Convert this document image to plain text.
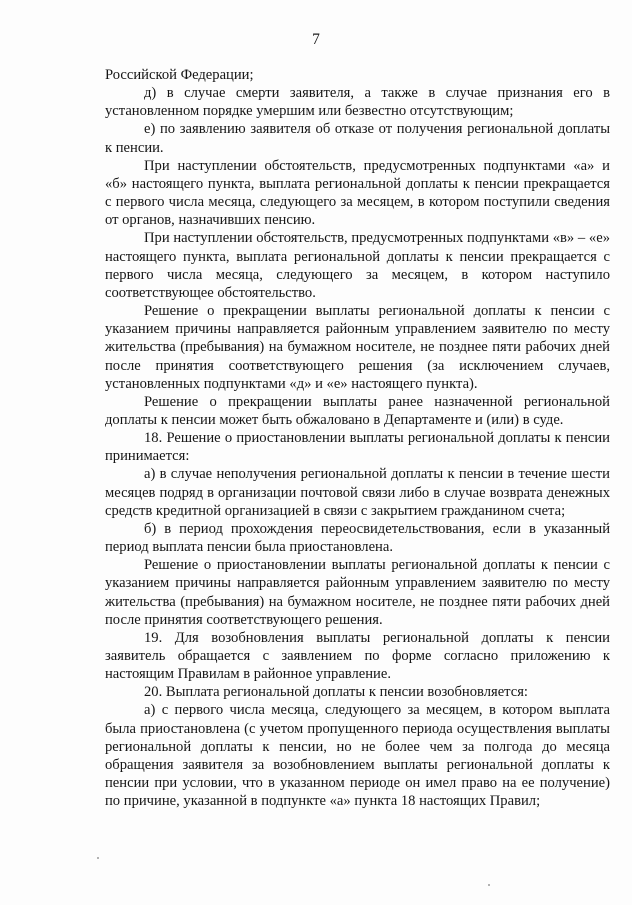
7

Российской Федерации;

д) в случае смерти заявителя, а также в случае признания его в установленном порядке умершим или безвестно отсутствующим;

е) по заявлению заявителя об отказе от получения региональной доплаты к пенсии.

При наступлении обстоятельств, предусмотренных подпунктами «а» и «б» настоящего пункта, выплата региональной доплаты к пенсии прекращается с первого числа месяца, следующего за месяцем, в котором поступили сведения от органов, назначивших пенсию.

При наступлении обстоятельств, предусмотренных подпунктами «в» – «е» настоящего пункта, выплата региональной доплаты к пенсии прекращается с первого числа месяца, следующего за месяцем, в котором наступило соответствующее обстоятельство.

Решение о прекращении выплаты региональной доплаты к пенсии с указанием причины направляется районным управлением заявителю по месту жительства (пребывания) на бумажном носителе, не позднее пяти рабочих дней после принятия соответствующего решения (за исключением случаев, установленных подпунктами «д» и «е» настоящего пункта).

Решение о прекращении выплаты ранее назначенной региональной доплаты к пенсии может быть обжаловано в Департаменте и (или) в суде.

18. Решение о приостановлении выплаты региональной доплаты к пенсии принимается:

а) в случае неполучения региональной доплаты к пенсии в течение шести месяцев подряд в организации почтовой связи либо в случае возврата денежных средств кредитной организацией в связи с закрытием гражданином счета;

б) в период прохождения переосвидетельствования, если в указанный период выплата пенсии была приостановлена.

Решение о приостановлении выплаты региональной доплаты к пенсии с указанием причины направляется районным управлением заявителю по месту жительства (пребывания) на бумажном носителе, не позднее пяти рабочих дней после принятия соответствующего решения.

19. Для возобновления выплаты региональной доплаты к пенсии заявитель обращается с заявлением по форме согласно приложению к настоящим Правилам в районное управление.

20. Выплата региональной доплаты к пенсии возобновляется:

а) с первого числа месяца, следующего за месяцем, в котором выплата была приостановлена (с учетом пропущенного периода осуществления выплаты региональной доплаты к пенсии, но не более чем за полгода до месяца обращения заявителя за возобновлением выплаты региональной доплаты к пенсии при условии, что в указанном периоде он имел право на ее получение) по причине, указанной в подпункте «а» пункта 18 настоящих Правил;
